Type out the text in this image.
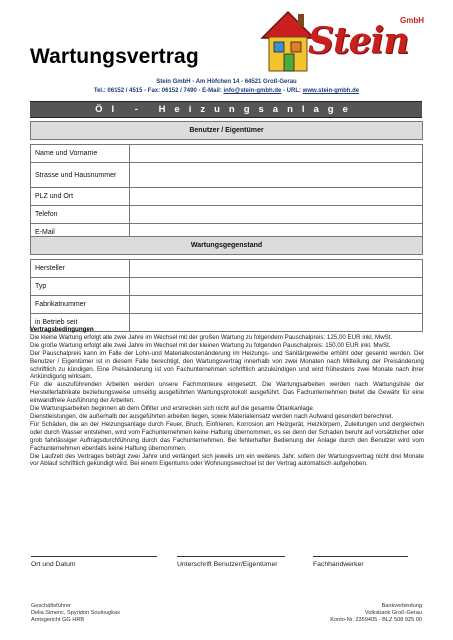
Wartungsvertrag	Stein
GmbH
Stein GmbH - Am Höfchen 14 - 64521 Groß-Gerau
Tel.: 06152 / 4515 - Fax: 06152 / 7490 - E-Mail: info@stein-gmbh.de - URL: www.stein-gmbh.de
Öl - Heizungsanlage
Benutzer / Eigentümer	

Name und Vorname	
Strasse und Hausnummer	
PLZ und Ort	
Telefon	
E-Mail	
Wartungsgegenstand	

Hersteller	
Typ	
Fabrikatnummer	
in Betrieb seit	
Vertragsbedingungen
Die kleine Wartung erfolgt alle zwei Jahre im Wechsel mit der großen Wartung zu folgendem Pauschalpreis: 125,00 EUR inkl. MwSt.
Die große Wartung erfolgt alle zwei Jahre im Wechsel mit der kleinen Wartung zu folgenden Pauschalpreis: 150,00 EUR inkl. MwSt.
Der Pauschalpreis kann im Falle der Lohn-und Materialkostenänderung im Heizungs- und Sanitärgewerbe erhöht oder gesenkt werden. Der Benutzer / Eigentümer ist in diesem Falle berechtigt, den Wartungsvertrag innerhalb von zwei Monaten nach Mitteilung der Preisänderung schriftlich zu kündigen. Eine Preisänderung ist von Fachunternehmen schriftlich anzukündigen und wird frühestens zwei Monate nach ihrer Ankündigung wirksam.
Für die auszuführenden Arbeiten werden unsere Fachmonteure eingesetzt. Die Wartungsarbeiten werden nach Wartungsliste der Herstellerfabrikate beziehungsweise umseitig ausgeführten Wartungsprotokoll ausgeführt. Das Fachunternehmen bietet die Gewähr für eine einwandfreie Ausführung der Arbeiten.
Die Wartungsarbeiten beginnen ab dem Ölfilter und erstrecken sich nicht auf die gesamte Öltankanlage.
Dienstleistungen, die außerhalb der ausgeführten arbeiten liegen, sowie Materialeinsatz werden nach Aufwand gesondert berechnet.
Für Schäden, die an der Heizungsanlage durch Feuer, Bruch, Einfrieren, Korrosion am Heizgerät, Heizkörpern, Zuleitungen und dergleichen oder durch Wasser entstehen, wird vom Fachunternehmen keine Haftung übernommen, es sei denn der Schaden beruht auf vorsätzlicher oder grob fahrlässiger Auftragsdurchführung durch das Fachunternehmen. Bei fehlerhafter Bedienung der Anlage durch den Benutzer wird vom Fachunternehmen ebenfalls keine Haftung übernommen.
Die Laufzeit des Vertrages beträgt zwei Jahre und verlängert sich jeweils um ein weiteres Jahr, sofern der Wartungsvertrag nicht drei Monate vor Ablauf schriftlich gekündigt wird. Bei einem Eigentums oder Wohnungswechsel ist der Vertrag automatisch aufgehoben.
Ort und Datum	Unterschrift Benutzer/Eigentümer	Fachhandwerker
Geschäftsführer
Delia Simenc, Spyridon Soulougkas
Amtsgericht GG HRB
Bankverbindung
Volksbank Groß-Gerau
Konto-Nr. 2359405 - BLZ 508 925 00
